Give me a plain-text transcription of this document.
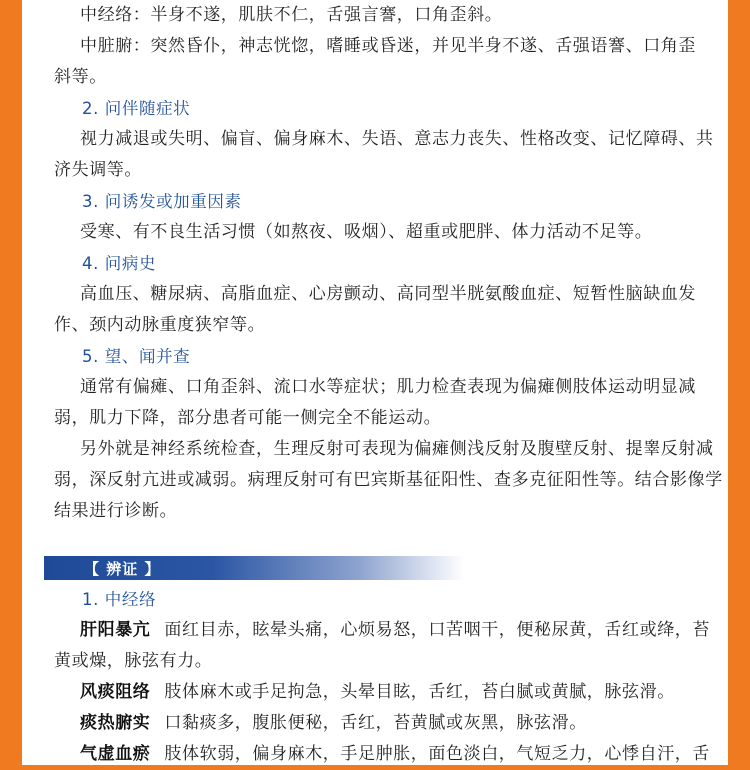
中经络：半身不遂，肌肤不仁，舌强言謇，口角歪斜。

中脏腑：突然昏仆，神志恍惚，嗜睡或昏迷，并见半身不遂、舌强语謇、口角歪

斜等。

2. 问伴随症状

视力减退或失明、偏盲、偏身麻木、失语、意志力丧失、性格改变、记忆障碍、共

济失调等。

3. 问诱发或加重因素

受寒、有不良生活习惯（如熬夜、吸烟）、超重或肥胖、体力活动不足等。

4. 问病史

高血压、糖尿病、高脂血症、心房颤动、高同型半胱氨酸血症、短暂性脑缺血发

作、颈内动脉重度狭窄等。

5. 望、闻并查

通常有偏瘫、口角歪斜、流口水等症状；肌力检查表现为偏瘫侧肢体运动明显减

弱，肌力下降，部分患者可能一侧完全不能运动。

另外就是神经系统检查，生理反射可表现为偏瘫侧浅反射及腹壁反射、提睾反射减

弱，深反射亢进或减弱。病理反射可有巴宾斯基征阳性、查多克征阳性等。结合影像学

结果进行诊断。

【 辨证 】
1. 中经络

肝阳暴亢 面红目赤，眩晕头痛，心烦易怒，口苦咽干，便秘尿黄，舌红或绛，苔

黄或燥，脉弦有力。

风痰阻络 肢体麻木或手足拘急，头晕目眩，舌红，苔白腻或黄腻，脉弦滑。

痰热腑实 口黏痰多，腹胀便秘，舌红，苔黄腻或灰黑，脉弦滑。

气虚血瘀 肢体软弱，偏身麻木，手足肿胀，面色淡白，气短乏力，心悸自汗，舌
